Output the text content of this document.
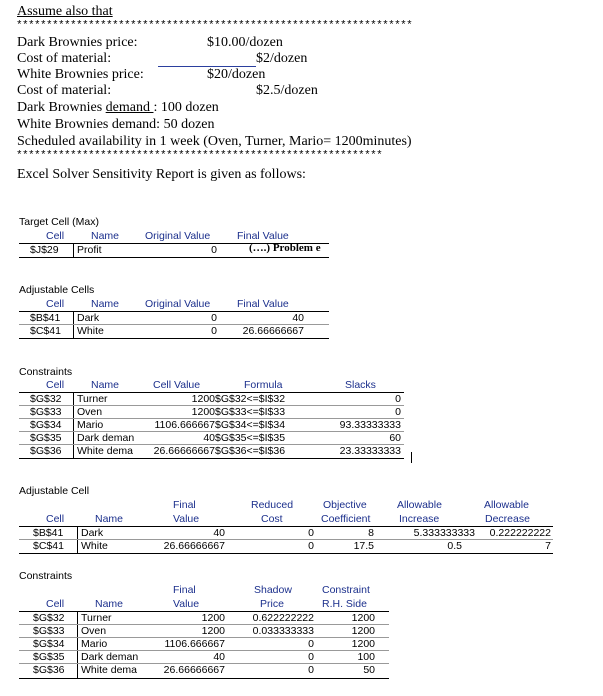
Assume also that
******************************************************************
Dark Brownies price:	$10.00/dozen
Cost of material:	$2/dozen
White Brownies price:	$20/dozen
Cost of material:	$2.5/dozen
Dark Brownies demand : 100 dozen
White Brownies demand: 50 dozen
Scheduled availability in 1 week (Oven, Turner, Mario= 1200minutes)
*************************************************************
Excel Solver Sensitivity Report is given as follows:
Target Cell (Max)
Cell	Name Original Value	Final Value
$J$29 Profit	0	(….) Problem e
Adjustable Cells
Cell	Name Original Value	Final Value
$B$41 Dark	0	40
$C$41 White	0	26.66666667
Constraints
Cell	Name	Cell Value	Formula	Slacks
$G$32 Turner	1200 $G$32<=$I$32	0
$G$33 Oven	1200 $G$33<=$I$33	0
$G$34 Mario	1106.666667 $G$34<=$I$34	93.33333333
$G$35 Dark deman	40 $G$35<=$I$35	60
$G$36 White dema	26.66666667 $G$36<=$I$36	23.33333333
Adjustable Cell
Final	Reduced	Objective	Allowable	Allowable
Cell	Name	Value	Cost	Coefficient	Increase	Decrease
$B$41 Dark	40	0	8	5.333333333	0.222222222
$C$41 White	26.66666667	0	17.5	0.5	7
Constraints
Final	Shadow	Constraint
Cell	Name	Value	Price	R.H. Side
$G$32 Turner	1200	0.622222222	1200
$G$33 Oven	1200	0.033333333	1200
$G$34 Mario	1106.666667	0	1200
$G$35 Dark deman	40	0	100
$G$36 White dema	26.66666667	0	50
